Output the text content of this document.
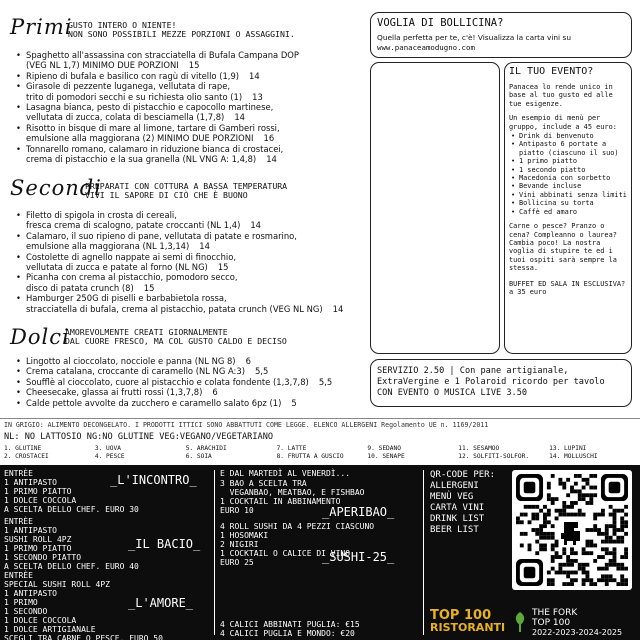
Primi
GUSTO INTERO O NIENTE!
NON SONO POSSIBILI MEZZE PORZIONI O ASSAGGINI.
• Spaghetto all'assassina con stracciatella di Bufala Campana DOP
(VEG NL 1,7) MINIMO DUE PORZIONI 15
• Ripieno di bufala e basilico con ragù di vitello (1,9) 14
• Girasole di pezzente luganega, vellutata di rape,
trito di pomodori secchi e su richiesta olio santo (1) 13
• Lasagna bianca, pesto di pistacchio e capocollo martinese,
vellutata di zucca, colata di besciamella (1,7,8) 14
• Risotto in bisque di mare al limone, tartare di Gamberi rossi,
emulsione alla maggiorana (2) MINIMO DUE PORZIONI 16
• Tonnarello romano, calamaro in riduzione bianca di crostacei,
crema di pistacchio e la sua granella (NL VNG A: 1,4,8) 14
Secondi
PREPARATI CON COTTURA A BASSA TEMPERATURA
VIVI IL SAPORE DI CIÒ CHE È BUONO
• Filetto di spigola in crosta di cereali,
fresca crema di scalogno, patate croccanti (NL 1,4) 14
• Calamaro, il suo ripieno di pane, vellutata di patate e rosmarino,
emulsione alla maggiorana (NL 1,3,14) 14
• Costolette di agnello nappate ai semi di finocchio,
vellutata di zucca e patate al forno (NL NG) 15
• Picanha con crema al pistacchio, pomodoro secco,
disco di patata crunch (8) 15
• Hamburger 250G di piselli e barbabietola rossa,
stracciatella di bufala, crema al pistacchio, patata crunch (VEG NL NG) 14
Dolci
AMOREVOLMENTE CREATI GIORNALMENTE
DAL CUORE FRESCO, MA COL GUSTO CALDO E DECISO
• Lingotto al cioccolato, nocciole e panna (NL NG 8) 6
• Crema catalana, croccante di caramello (NL NG A:3) 5,5
• Soufflè al cioccolato, cuore al pistacchio e colata fondente (1,3,7,8) 5,5
• Cheesecake, glassa ai frutti rossi (1,3,7,8) 6
• Calde pettole avvolte da zucchero e caramello salato 6pz (1) 5
VOGLIA DI BOLLICINA?
Quella perfetta per te, c'è! Visualizza la carta vini su
www.panaceamodugno.com
IL TUO EVENTO?
Panacea lo rende unico in base al tuo gusto ed alle tue esigenze.
Un esempio di menù per gruppo, include a 45 euro:
• Drink di benvenuto
• Antipasto 6 portate a piatto (ciascuno il suo)
• 1 primo piatto
• 1 secondo piatto
• Macedonia con sorbetto
• Bevande incluse
• Vini abbinati senza limiti
• Bollicina su torta
• Caffè ed amaro
Carne o pesce? Pranzo o cena? Compleanno o laurea? Cambia poco! La nostra voglia di stupire te ed i tuoi ospiti sarà sempre la stessa.
BUFFET ED SALA IN ESCLUSIVA? a 35 euro
SERVIZIO 2.50 | Con pane artigianale,
ExtraVergine e 1 Polaroid ricordo per tavolo
CON EVENTO O MUSICA LIVE 3.50
IN GRIGIO: ALIMENTO DECONGELATO. I PRODOTTI ITTICI SONO ABBATTUTI COME LEGGE. ELENCO ALLERGENI Regolamento UE n. 1169/2011
NL: NO LATTOSIO NG:NO GLUTINE VEG:VEGANO/VEGETARIANO
1. GLUTINE	3. UOVA	5. ARACHIDI	7. LATTE	9. SEDANO	11. SESAMOO	13. LUPINI
2. CROSTACEI	4. PESCE	6. SOIA	8. FRUTTA A GUSCIO	10. SENAPE	12. SOLFITI-SOLFOR.	14. MOLLUSCHI
ENTRÈE
1 ANTIPASTO
1 PRIMO PIATTO
1 DOLCE COCCOLA
A SCELTA DELLO CHEF. EURO 30
_L'INCONTRO_
ENTRÈE
1 ANTIPASTO
SUSHI ROLL 4PZ
1 PRIMO PIATTO
1 SECONDO PIATTO
A SCELTA DELLO CHEF. EURO 40
_IL BACIO_
ENTRÈE
SPECIAL SUSHI ROLL 4PZ
1 ANTIPASTO
1 PRIMO
1 SECONDO
1 DOLCE COCCOLA
1 DOLCE ARTIGIANALE
SCEGLI TRA CARNE O PESCE. EURO 50
_L'AMORE_
E DAL MARTEDÌ AL VENERDÌ...
3 BAO A SCELTA TRA
VEGANBAO, MEATBAO, E FISHBAO
1 COCKTAIL IN ABBINAMENTO
EURO 10	_APERIBAO_
4 ROLL SUSHI DA 4 PEZZI CIASCUNO
1 HOSOMAKI
2 NIGIRI
1 COCKTAIL O CALICE DI VINO
EURO 25	_SUSHI-25_
4 CALICI ABBINATI PUGLIA: €15
4 CALICI PUGLIA E MONDO: €20
QR-CODE PER:
ALLERGENI
MENÙ VEG
CARTA VINI
DRINK LIST
BEER LIST
TOP 100
RISTORANTI
THE FORK
TOP 100
2022-2023-2024-2025
